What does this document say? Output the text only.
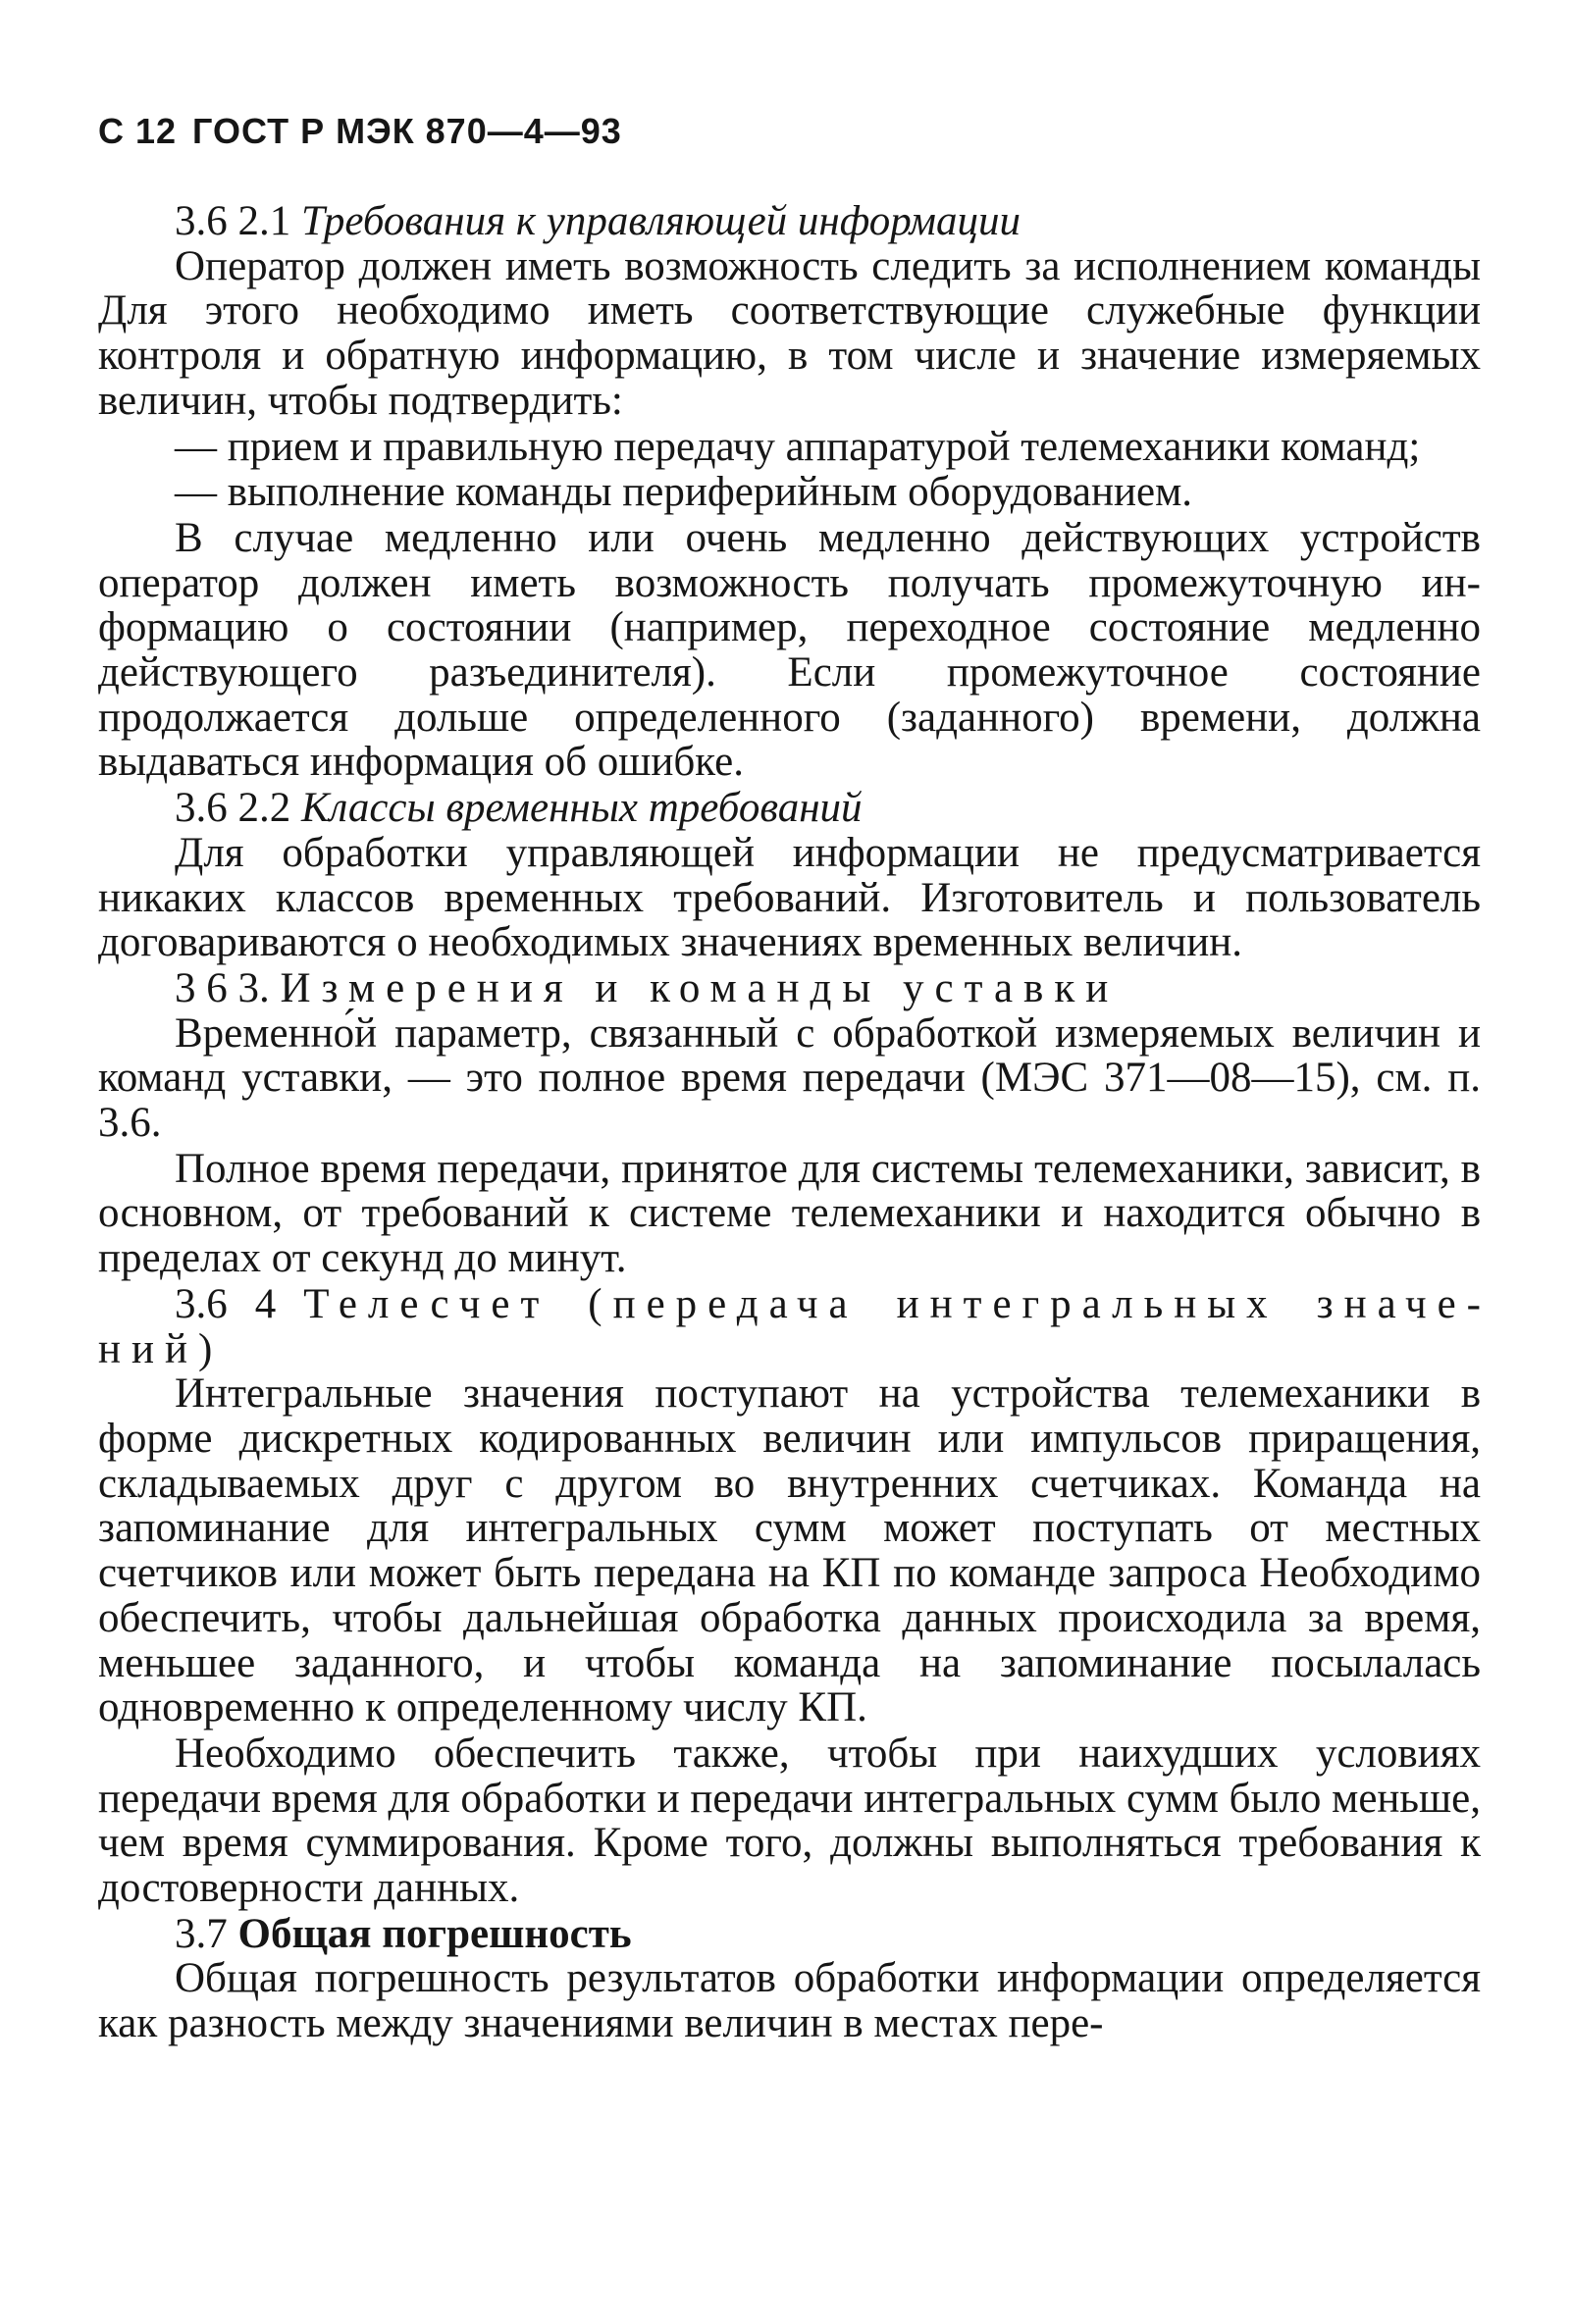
С 12 ГОСТ Р МЭК 870—4—93
3.6 2.1 Требования к управляющей информации

Оператор должен иметь возможность следить за исполнением команды Для этого необходимо иметь соответствующие служебные функции контроля и обратную информацию, в том числе и значение измеряемых величин, чтобы подтвердить:

— прием и правильную передачу аппаратурой телемеханики команд;

— выполнение команды периферийным оборудованием.

В случае медленно или очень медленно действующих устройств оператор должен иметь возможность получать промежуточную информацию о состоянии (например, переходное состояние медленно действующего разъединителя). Если промежуточное состояние продолжается дольше определенного (заданного) времени, должна выдаваться информация об ошибке.

3.6 2.2 Классы временных требований

Для обработки управляющей информации не предусматривается никаких классов временных требований. Изготовитель и пользователь договариваются о необходимых значениях временных величин.

3 6 3. Измерения и команды уставки

Временно́й параметр, связанный с обработкой измеряемых величин и команд уставки, — это полное время передачи (МЭС 371—08—15), см. п. 3.6.

Полное время передачи, принятое для системы телемеханики, зависит, в основном, от требований к системе телемеханики и находится обычно в пределах от секунд до минут.

3.6 4 Телесчет (передача интегральных значений)

Интегральные значения поступают на устройства телемеханики в форме дискретных кодированных величин или импульсов приращения, складываемых друг с другом во внутренних счетчиках. Команда на запоминание для интегральных сумм может поступать от местных счетчиков или может быть передана на КП по команде запроса Необходимо обеспечить, чтобы дальнейшая обработка данных происходила за время, меньшее заданного, и чтобы команда на запоминание посылалась одновременно к определенному числу КП.

Необходимо обеспечить также, чтобы при наихудших условиях передачи время для обработки и передачи интегральных сумм было меньше, чем время суммирования. Кроме того, должны выполняться требования к достоверности данных.

3.7 Общая погрешность

Общая погрешность результатов обработки информации определяется как разность между значениями величин в местах пере-
